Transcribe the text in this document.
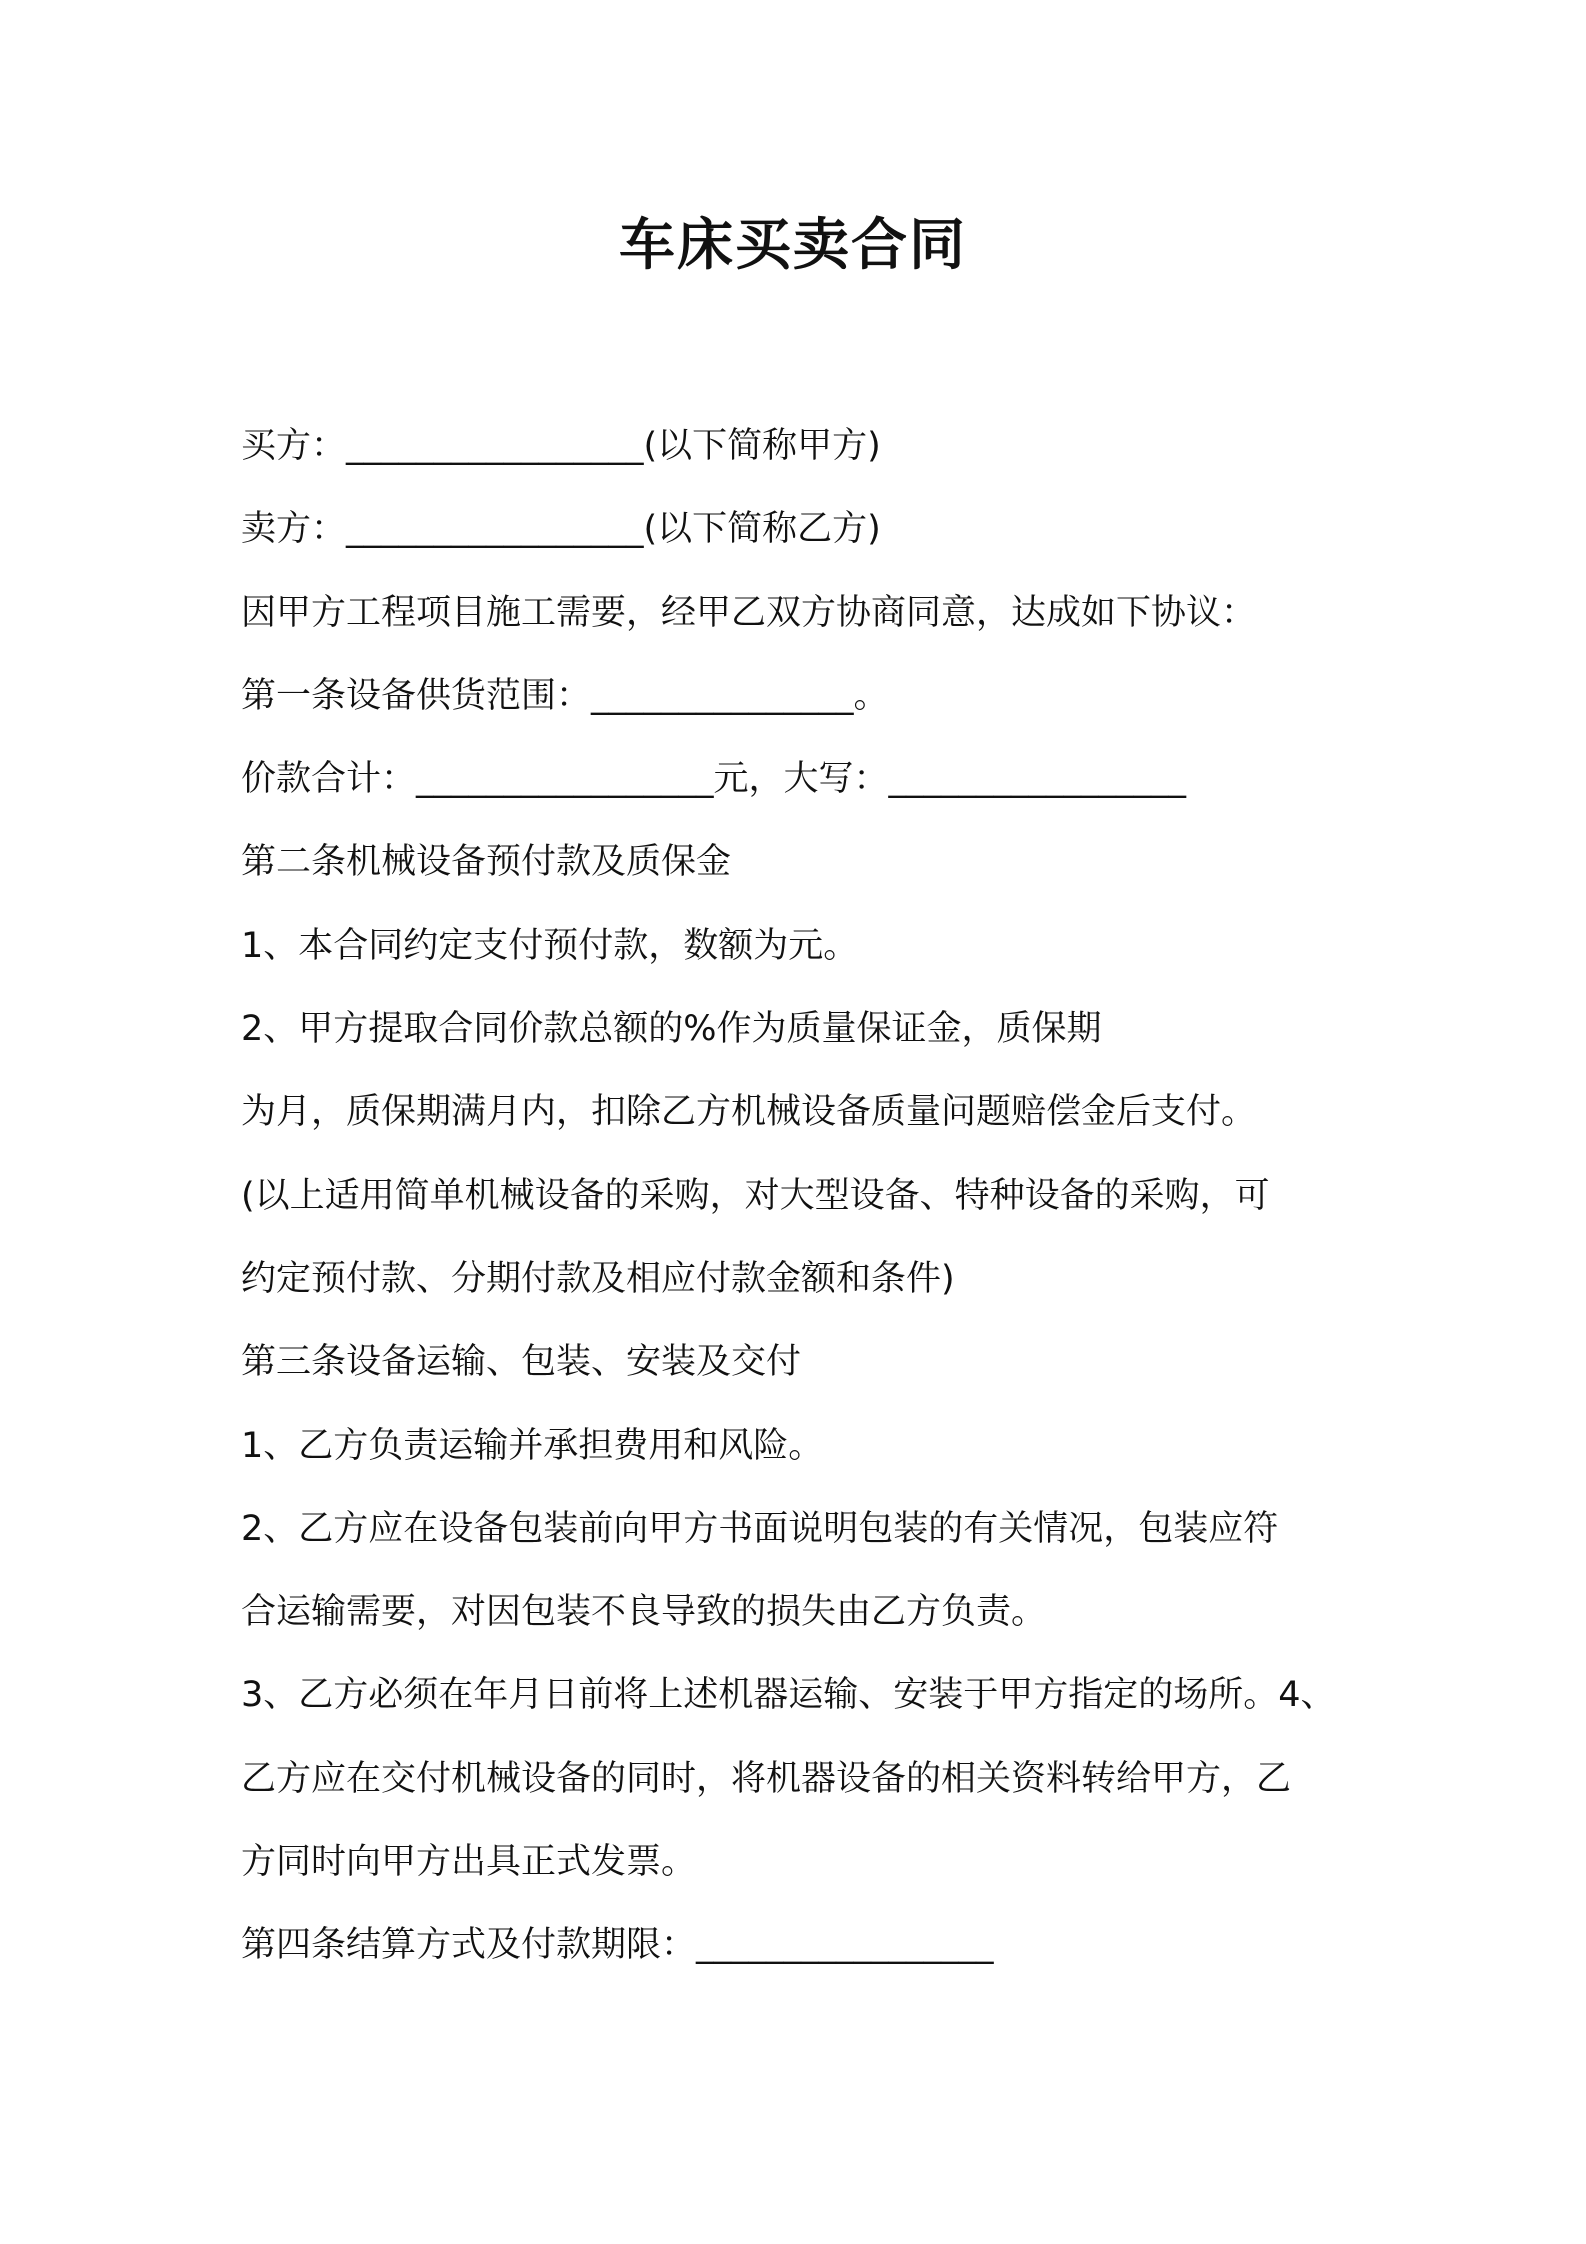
车床买卖合同

买方：_________________(以下简称甲方)

卖方：_________________(以下简称乙方)

因甲方工程项目施工需要，经甲乙双方协商同意，达成如下协议：

第一条设备供货范围：_______________。

价款合计：_________________元，大写：_________________

第二条机械设备预付款及质保金

1、本合同约定支付预付款，数额为元。

2、甲方提取合同价款总额的%作为质量保证金，质保期

为月，质保期满月内，扣除乙方机械设备质量问题赔偿金后支付。

(以上适用简单机械设备的采购，对大型设备、特种设备的采购，可

约定预付款、分期付款及相应付款金额和条件)

第三条设备运输、包装、安装及交付

1、乙方负责运输并承担费用和风险。

2、乙方应在设备包装前向甲方书面说明包装的有关情况，包装应符

合运输需要，对因包装不良导致的损失由乙方负责。

3、乙方必须在年月日前将上述机器运输、安装于甲方指定的场所。4、

乙方应在交付机械设备的同时，将机器设备的相关资料转给甲方，乙

方同时向甲方出具正式发票。

第四条结算方式及付款期限：_________________
